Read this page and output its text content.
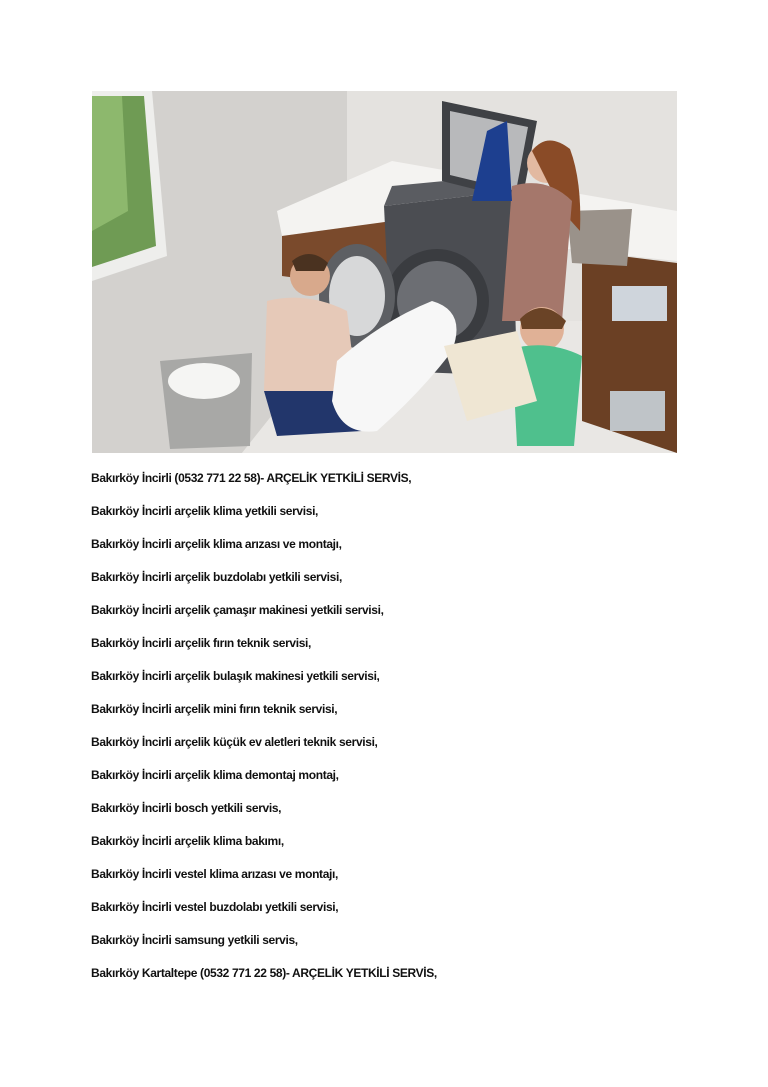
Bakırköy İncirli (0532 771 22 58)- ARÇELİK YETKİLİ SERVİS,
Bakırköy İncirli arçelik klima yetkili servisi,
Bakırköy İncirli arçelik klima arızası ve montajı,
Bakırköy İncirli arçelik buzdolabı yetkili servisi,
Bakırköy İncirli arçelik çamaşır makinesi yetkili servisi,
Bakırköy İncirli arçelik fırın teknik servisi,
Bakırköy İncirli arçelik bulaşık makinesi yetkili servisi,
Bakırköy İncirli arçelik mini fırın teknik servisi,
Bakırköy İncirli arçelik küçük ev aletleri teknik servisi,
Bakırköy İncirli arçelik klima demontaj montaj,
Bakırköy İncirli bosch yetkili servis,
Bakırköy İncirli arçelik klima bakımı,
Bakırköy İncirli vestel klima arızası ve montajı,
Bakırköy İncirli vestel buzdolabı yetkili servisi,
Bakırköy İncirli samsung yetkili servis,
Bakırköy Kartaltepe (0532 771 22 58)- ARÇELİK YETKİLİ SERVİS,
